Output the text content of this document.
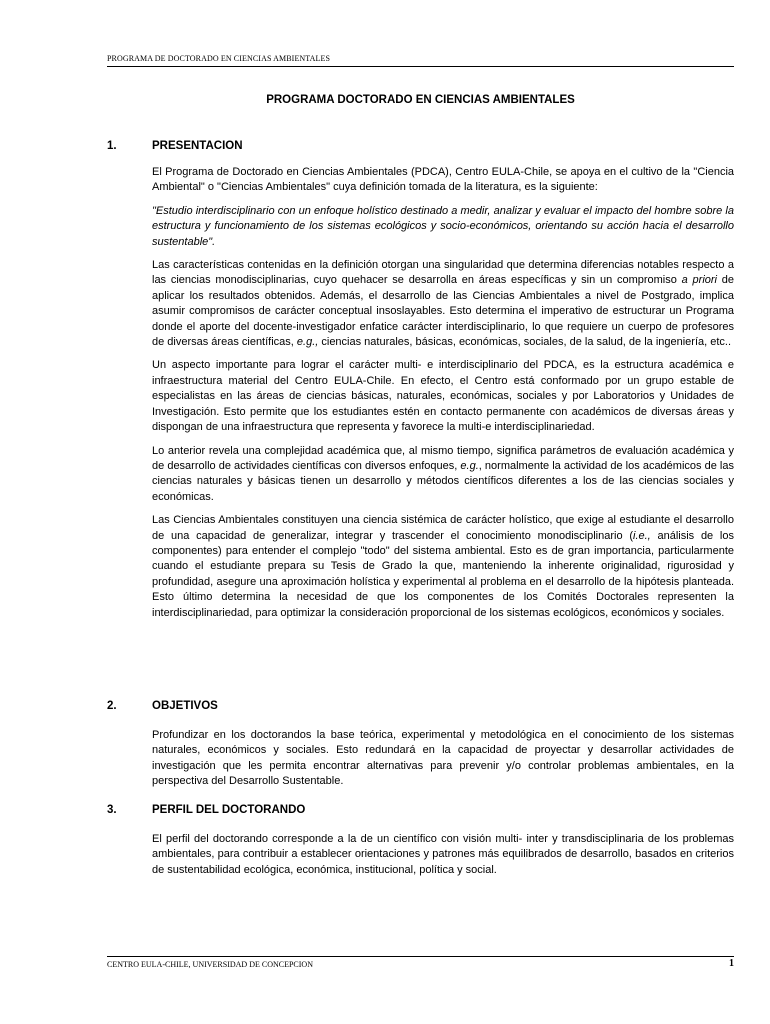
PROGRAMA DE DOCTORADO EN CIENCIAS AMBIENTALES
PROGRAMA DOCTORADO EN CIENCIAS AMBIENTALES
1.	PRESENTACION

El Programa de Doctorado en Ciencias Ambientales (PDCA), Centro EULA-Chile, se apoya en el cultivo de la "Ciencia Ambiental" o "Ciencias Ambientales" cuya definición tomada de la literatura, es la siguiente:

"Estudio interdisciplinario con un enfoque holístico destinado a medir, analizar y evaluar el impacto del hombre sobre la estructura y funcionamiento de los sistemas ecológicos y socio-económicos, orientando su acción hacia el desarrollo sustentable".

Las características contenidas en la definición otorgan una singularidad que determina diferencias notables respecto a las ciencias monodisciplinarias, cuyo quehacer se desarrolla en áreas específicas y sin un compromiso a priori de aplicar los resultados obtenidos. Además, el desarrollo de las Ciencias Ambientales a nivel de Postgrado, implica asumir compromisos de carácter conceptual insoslayables. Esto determina el imperativo de estructurar un Programa donde el aporte del docente-investigador enfatice carácter interdisciplinario, lo que requiere un cuerpo de profesores de diversas áreas científicas, e.g., ciencias naturales, básicas, económicas, sociales, de la salud, de la ingeniería, etc..

Un aspecto importante para lograr el carácter multi- e interdisciplinario del PDCA, es la estructura académica e infraestructura material del Centro EULA-Chile. En efecto, el Centro está conformado por un grupo estable de especialistas en las áreas de ciencias básicas, naturales, económicas, sociales y por Laboratorios y Unidades de Investigación. Esto permite que los estudiantes estén en contacto permanente con académicos de diversas áreas y dispongan de una infraestructura que representa y favorece la multi-e interdisciplinariedad.

Lo anterior revela una complejidad académica que, al mismo tiempo, significa parámetros de evaluación académica y de desarrollo de actividades científicas con diversos enfoques, e.g., normalmente la actividad de los académicos de las ciencias naturales y básicas tienen un desarrollo y métodos científicos diferentes a los de las ciencias sociales y económicas.

Las Ciencias Ambientales constituyen una ciencia sistémica de carácter holístico, que exige al estudiante el desarrollo de una capacidad de generalizar, integrar y trascender el conocimiento monodisciplinario (i.e., análisis de los componentes) para entender el complejo "todo" del sistema ambiental. Esto es de gran importancia, particularmente cuando el estudiante prepara su Tesis de Grado la que, manteniendo la inherente originalidad, rigurosidad y profundidad, asegure una aproximación holística y experimental al problema en el desarrollo de la hipótesis planteada. Esto último determina la necesidad de que los componentes de los Comités Doctorales representen la interdisciplinariedad, para optimizar la consideración proporcional de los sistemas ecológicos, económicos y sociales.

2.	OBJETIVOS

Profundizar en los doctorandos la base teórica, experimental y metodológica en el conocimiento de los sistemas naturales, económicos y sociales. Esto redundará en la capacidad de proyectar y desarrollar actividades de investigación que les permita encontrar alternativas para prevenir y/o controlar problemas ambientales, en la perspectiva del Desarrollo Sustentable.

3.	PERFIL DEL DOCTORANDO

El perfil del doctorando corresponde a la de un científico con visión multi- inter y transdisciplinaria de los problemas ambientales, para contribuir a establecer orientaciones y patrones más equilibrados de desarrollo, basados en criterios de sustentabilidad ecológica, económica, institucional, política y social.

CENTRO EULA-CHILE, UNIVERSIDAD DE CONCEPCION	1
